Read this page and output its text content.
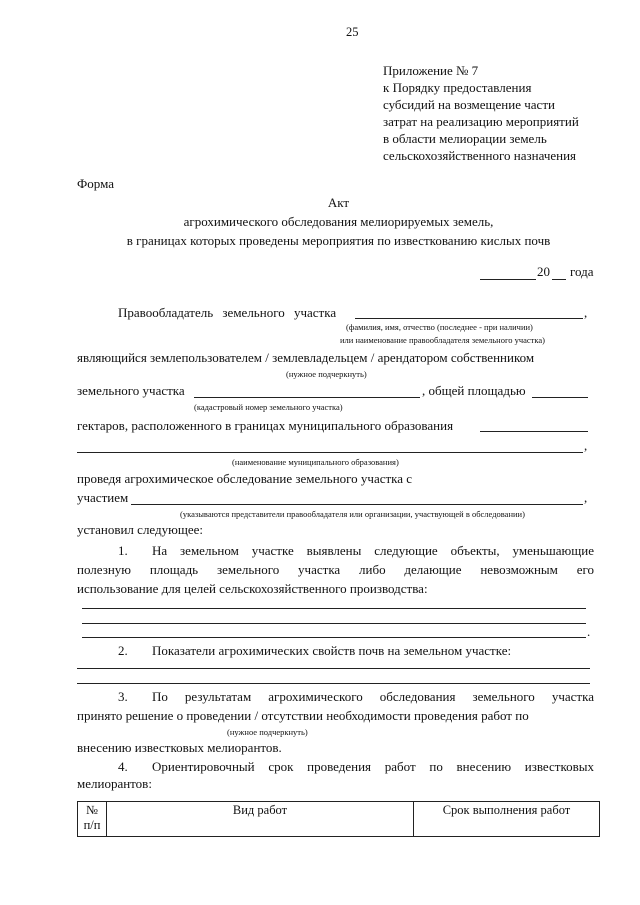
25
Приложение № 7
к Порядку предоставления
субсидий на возмещение части
затрат на реализацию мероприятий
в области мелиорации земель
сельскохозяйственного назначения
Форма
Акт
агрохимического обследования мелиорируемых земель,
в границах которых проведены мероприятия по известкованию кислых почв
20 года
Правообладатель земельного участка	,
(фамилия, имя, отчество (последнее - при наличии)
или наименование правообладателя земельного участка)
являющийся землепользователем / землевладельцем / арендатором собственником
(нужное подчеркнуть)
земельного участка	, общей площадью
(кадастровый номер земельного участка)
гектаров, расположенного в границах муниципального образования
,
(наименование муниципального образования)
проведя агрохимическое обследование земельного участка с
участием	,
(указываются представители правообладателя или организации, участвующей в обследовании)
установил следующее:
1. На земельном участке выявлены следующие объекты, уменьшающие
полезную площадь земельного участка либо делающие невозможным его
использование для целей сельскохозяйственного производства:
.
2. Показатели агрохимических свойств почв на земельном участке:
3. По результатам агрохимического обследования земельного участка
принято решение о проведении / отсутствии необходимости проведения работ по
(нужное подчеркнуть)
внесению известковых мелиорантов.
4. Ориентировочный срок проведения работ по внесению известковых
мелиорантов:
№
п/п
	Вид работ	Срок выполнения работ
